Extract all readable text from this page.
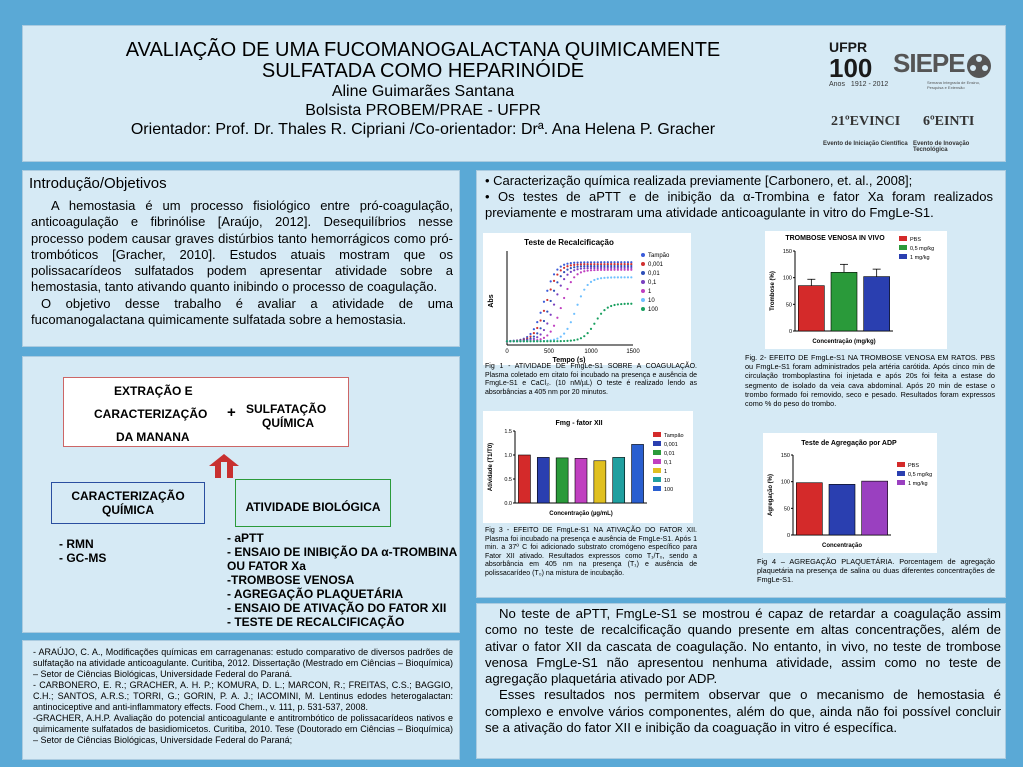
AVALIAÇÃO DE UMA FUCOMANOGALACTANA QUIMICAMENTE
SULFATADA COMO HEPARINÓIDE
Aline Guimarães Santana
Bolsista PROBEM/PRAE - UFPR
Orientador: Prof. Dr. Thales R. Cipriani /Co-orientador: Drª. Ana Helena P. Gracher
UFPR
100
Anos 1912 - 2012
SIEPE
Semana Integrada de Ensino, Pesquisa e Extensão
21ºEVINCI 6ºEINTI
Evento de Iniciação Científica Evento de Inovação Tecnológica
Introdução/Objetivos

A hemostasia é um processo fisiológico entre pró-coagulação, anticoagulação e fibrinólise [Araújo, 2012]. Desequilíbrios nesse processo podem causar graves distúrbios tanto hemorrágicos como pró-trombóticos [Gracher, 2010]. Estudos atuais mostram que os polissacarídeos sulfatados podem apresentar atividade sobre a hemostasia, tanto ativando quanto inibindo o processo de coagulação.

O objetivo desse trabalho é avaliar a atividade de uma fucomanogalactana quimicamente sulfatada sobre a hemostasia.

EXTRAÇÃO E
CARACTERIZAÇÃO + SULFATAÇÃO
QUÍMICA
DA MANANA
CARACTERIZAÇÃO QUÍMICA	ATIVIDADE BIOLÓGICA
- RMN
- GC-MS
- aPTT
- ENSAIO DE INIBIÇÃO DA α-TROMBINA OU FATOR Xa
-TROMBOSE VENOSA
- AGREGAÇÃO PLAQUETÁRIA
- ENSAIO DE ATIVAÇÃO DO FATOR XII
- TESTE DE RECALCIFICAÇÃO

- ARAÚJO, C. A., Modificações químicas em carragenanas: estudo comparativo de diversos padrões de sulfatação na atividade anticoagulante. Curitiba, 2012. Dissertação (Mestrado em Ciências – Bioquímica) – Setor de Ciências Biológicas, Universidade Federal do Paraná.

- CARBONERO, E. R.; GRACHER, A. H. P.; KOMURA, D. L.; MARCON, R.; FREITAS, C.S.; BAGGIO, C.H.; SANTOS, A.R.S.; TORRI, G.; GORIN, P. A. J.; IACOMINI, M. Lentinus edodes heterogalactan: antinociceptive and anti-inflammatory effects. Food Chem., v. 111, p. 531-537, 2008.

-GRACHER, A.H.P. Avaliação do potencial anticoagulante e antitrombótico de polissacarídeos nativos e quimicamente sulfatados de basidiomicetos. Curitiba, 2010. Tese (Doutorado em Ciências – Bioquímica) – Setor de Ciências Biológicas, Universidade Federal do Paraná;

• Caracterização química realizada previamente [Carbonero, et. al., 2008];

• Os testes de aPTT e de inibição da α-Trombina e fator Xa foram realizados previamente e mostraram uma atividade anticoagulante in vitro do FmgLe-S1.

Teste de Recalcificação
0	500	1000	1500
Tempo (s)
Abs
Tampão
0,001
0,01
0,1
1
10
100
TROMBOSE VENOSA IN VIVO
0
50
100
150
PBS
0,5 mg/kg
1 mg/kg
Concentração (mg/kg)
Trombose (%)
Fmg - fator XII
0.0
0.5
1.0
1.5
Tampão
0,001
0,01
0,1
1
10
100
Concentração (µg/mL)
Atividade (T1/T0)	Teste de Agregação por ADP
0
50
100
150
PBS
0,5 mg/kg
1 mg/kg
Concentração
Agregação (%)
Fig 1 - ATIVIDADE DE FmgLe-S1 SOBRE A COAGULAÇÃO. Plasma coletado em citato foi incubado na presença e ausência de FmgLe-S1 e CaCl₂. (10 nM/µL) O teste é realizado lendo as absorbâncias a 405 nm por 20 minutos.
Fig. 2- EFEITO DE FmgLe-S1 NA TROMBOSE VENOSA EM RATOS. PBS ou FmgLe-S1 foram administrados pela artéria carótida. Após cinco min de circulação tromboplastina foi injetada e após 20s foi feita a estase do segmento de isolado da veia cava abdominal. Após 20 min de estase o trombo formado foi removido, seco e pesado. Resultados foram expressos como % do peso do trombo.
Fig 3 - EFEITO DE FmgLe-S1 NA ATIVAÇÃO DO FATOR XII. Plasma foi incubado na presença e ausência de FmgLe-S1. Após 1 min. a 37º C foi adicionado substrato cromógeno específico para Fator XII ativado. Resultados expressos como T₁/T₀, sendo a absorbância em 405 nm na presença (T₁) e ausência de polissacarídeo (T₀) na mistura de incubação.
Fig 4 – AGREGAÇÃO PLAQUETÁRIA. Porcentagem de agregação plaquetária na presença de salina ou duas diferentes concentrações de FmgLe-S1.

No teste de aPTT, FmgLe-S1 se mostrou é capaz de retardar a coagulação assim como no teste de recalcificação quando presente em altas concentrações, além de ativar o fator XII da cascata de coagulação. No entanto, in vivo, no teste de trombose venosa FmgLe-S1 não apresentou nenhuma atividade, assim como no teste de agregação plaquetária ativado por ADP.

Esses resultados nos permitem observar que o mecanismo de hemostasia é complexo e envolve vários componentes, além do que, ainda não foi possível concluir se a ativação do fator XII e inibição da coaguação in vitro é específica.
